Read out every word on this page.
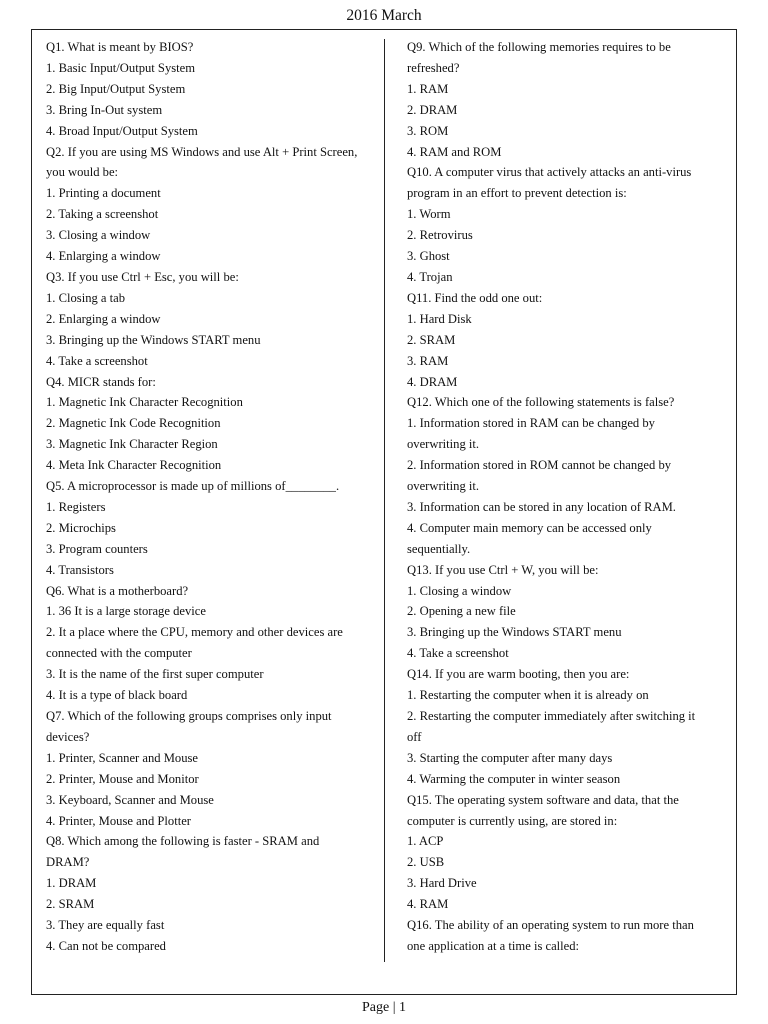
2016 March
Q1. What is meant by BIOS?
1. Basic Input/Output System
2. Big Input/Output System
3. Bring In-Out system
4. Broad Input/Output System
Q2. If you are using MS Windows and use Alt + Print Screen, you would be:
1. Printing a document
2. Taking a screenshot
3. Closing a window
4. Enlarging a window
Q3. If you use Ctrl + Esc, you will be:
1. Closing a tab
2. Enlarging a window
3. Bringing up the Windows START menu
4. Take a screenshot
Q4. MICR stands for:
1. Magnetic Ink Character Recognition
2. Magnetic Ink Code Recognition
3. Magnetic Ink Character Region
4. Meta Ink Character Recognition
Q5. A microprocessor is made up of millions of________.
1. Registers
2. Microchips
3. Program counters
4. Transistors
Q6. What is a motherboard?
1. 36 It is a large storage device
2. It a place where the CPU, memory and other devices are connected with the computer
3. It is the name of the first super computer
4. It is a type of black board
Q7. Which of the following groups comprises only input devices?
1. Printer, Scanner and Mouse
2. Printer, Mouse and Monitor
3. Keyboard, Scanner and Mouse
4. Printer, Mouse and Plotter
Q8. Which among the following is faster - SRAM and DRAM?
1. DRAM
2. SRAM
3. They are equally fast
4. Can not be compared
Q9. Which of the following memories requires to be refreshed?
1. RAM
2. DRAM
3. ROM
4. RAM and ROM
Q10. A computer virus that actively attacks an anti-virus program in an effort to prevent detection is:
1. Worm
2. Retrovirus
3. Ghost
4. Trojan
Q11. Find the odd one out:
1. Hard Disk
2. SRAM
3. RAM
4. DRAM
Q12. Which one of the following statements is false?
1. Information stored in RAM can be changed by overwriting it.
2. Information stored in ROM cannot be changed by overwriting it.
3. Information can be stored in any location of RAM.
4. Computer main memory can be accessed only sequentially.
Q13. If you use Ctrl + W, you will be:
1. Closing a window
2. Opening a new file
3. Bringing up the Windows START menu
4. Take a screenshot
Q14. If you are warm booting, then you are:
1. Restarting the computer when it is already on
2. Restarting the computer immediately after switching it off
3. Starting the computer after many days
4. Warming the computer in winter season
Q15. The operating system software and data, that the computer is currently using, are stored in:
1. ACP
2. USB
3. Hard Drive
4. RAM
Q16. The ability of an operating system to run more than one application at a time is called:
Page | 1
